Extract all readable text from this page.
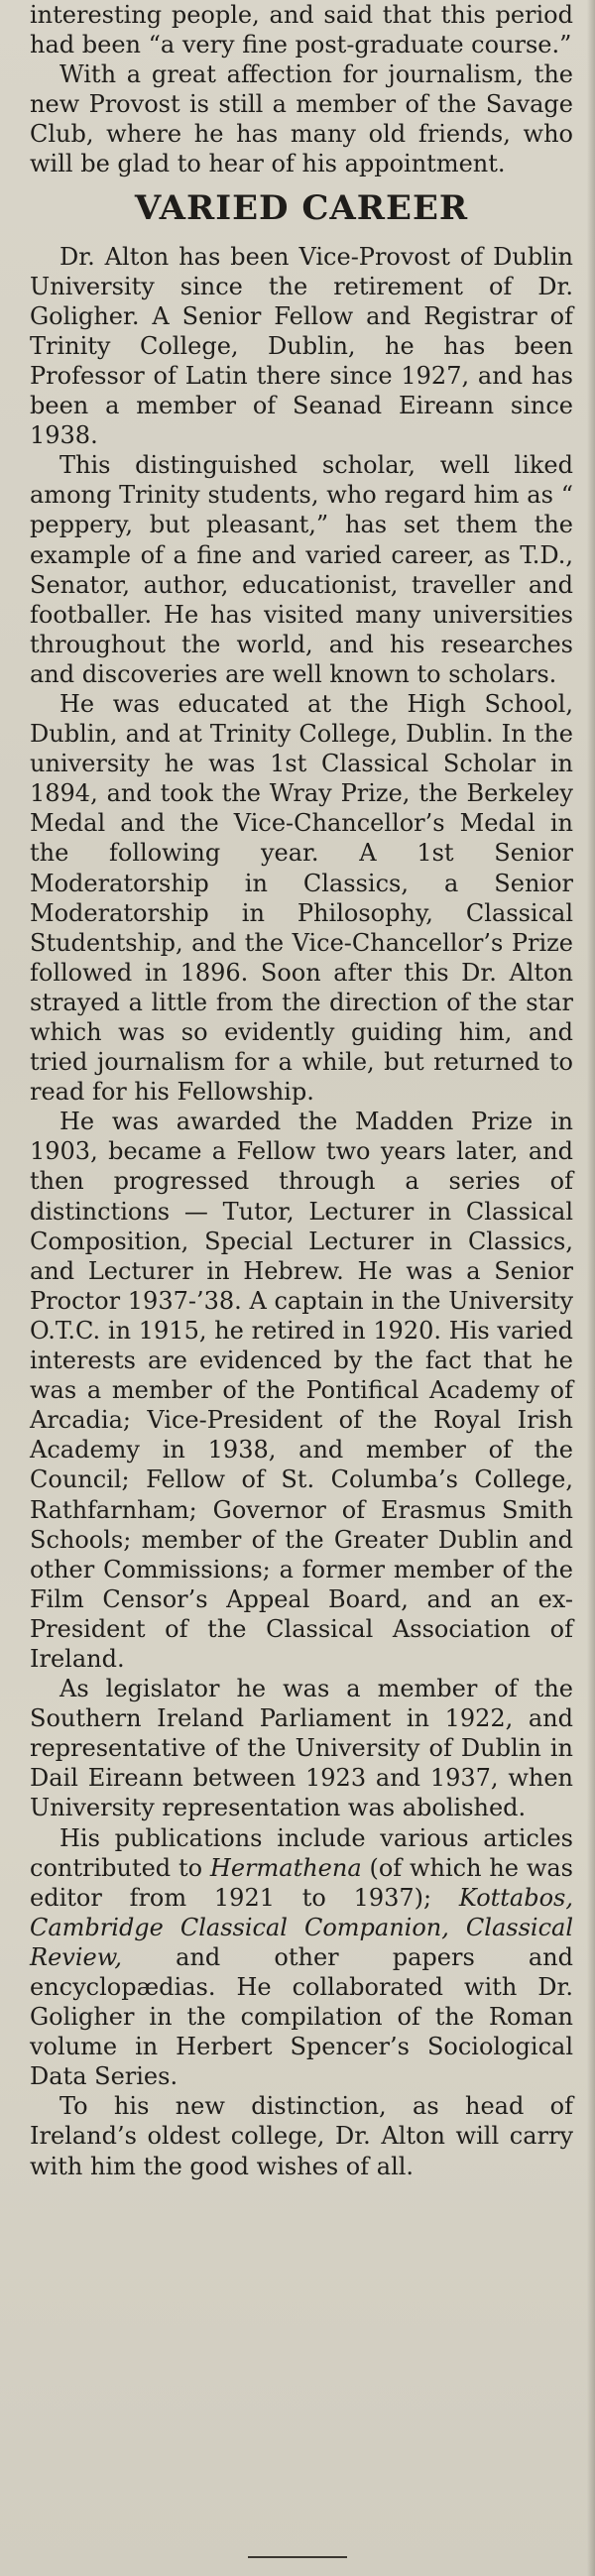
interesting people, and said that this period had been “a very fine post-graduate course.”

With a great affection for journalism, the new Provost is still a member of the Savage Club, where he has many old friends, who will be glad to hear of his appointment.

VARIED CAREER

Dr. Alton has been Vice-Provost of Dublin University since the retirement of Dr. Goligher. A Senior Fellow and Registrar of Trinity College, Dublin, he has been Professor of Latin there since 1927, and has been a member of Seanad Eireann since 1938.

This distinguished scholar, well liked among Trinity students, who regard him as “ peppery, but pleasant,” has set them the example of a fine and varied career, as T.D., Senator, author, educationist, traveller and footballer. He has visited many universities throughout the world, and his researches and discoveries are well known to scholars.

He was educated at the High School, Dublin, and at Trinity College, Dublin. In the university he was 1st Classical Scholar in 1894, and took the Wray Prize, the Berkeley Medal and the Vice-Chancellor’s Medal in the following year. A 1st Senior Moderatorship in Classics, a Senior Moderatorship in Philosophy, Classical Studentship, and the Vice-Chancellor’s Prize followed in 1896. Soon after this Dr. Alton strayed a little from the direction of the star which was so evidently guiding him, and tried journalism for a while, but returned to read for his Fellowship.

He was awarded the Madden Prize in 1903, became a Fellow two years later, and then progressed through a series of distinctions — Tutor, Lecturer in Classical Composition, Special Lecturer in Classics, and Lecturer in Hebrew. He was a Senior Proctor 1937-’38. A captain in the University O.T.C. in 1915, he retired in 1920. His varied interests are evidenced by the fact that he was a member of the Pontifical Academy of Arcadia; Vice-President of the Royal Irish Academy in 1938, and member of the Council; Fellow of St. Columba’s College, Rathfarnham; Governor of Erasmus Smith Schools; member of the Greater Dublin and other Commissions; a former member of the Film Censor’s Appeal Board, and an ex-President of the Classical Association of Ireland.

As legislator he was a member of the Southern Ireland Parliament in 1922, and representative of the University of Dublin in Dail Eireann between 1923 and 1937, when University representation was abolished.

His publications include various articles contributed to Hermathena (of which he was editor from 1921 to 1937); Kottabos, Cambridge Classical Companion, Classical Review, and other papers and encyclopædias. He collaborated with Dr. Goligher in the compilation of the Roman volume in Herbert Spencer’s Sociological Data Series.

To his new distinction, as head of Ireland’s oldest college, Dr. Alton will carry with him the good wishes of all.
